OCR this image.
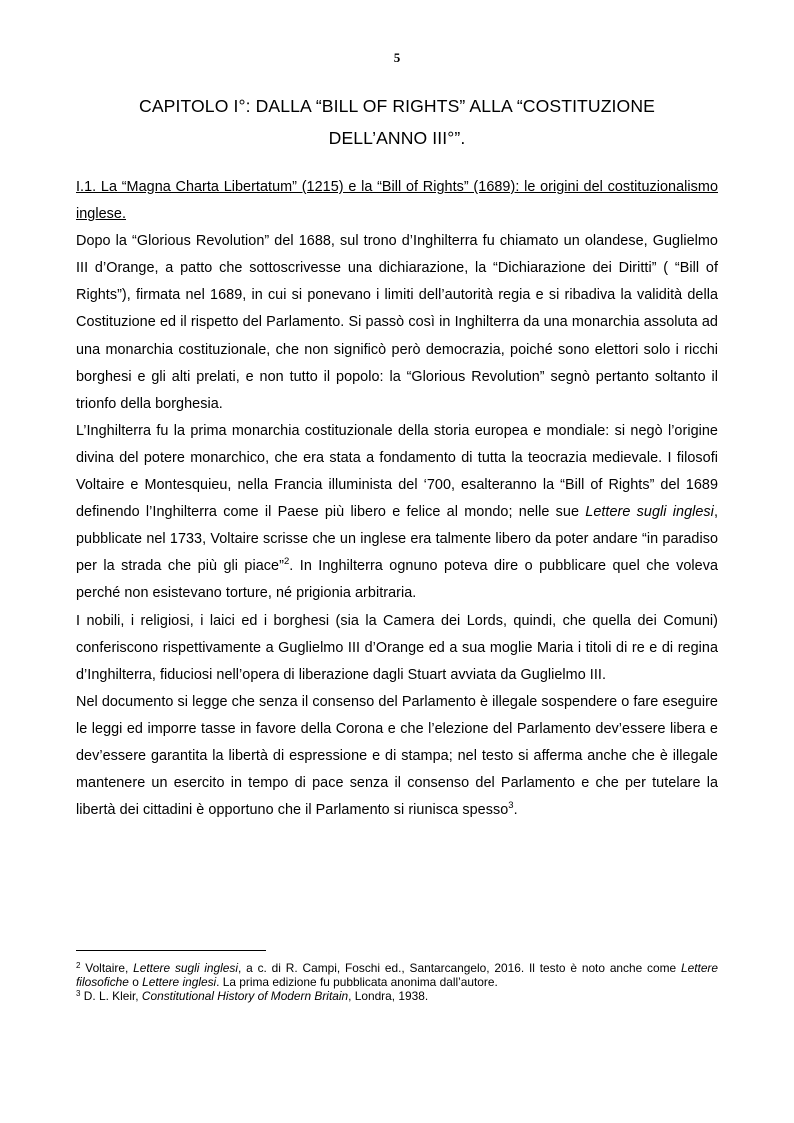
5
CAPITOLO I°: DALLA “BILL OF RIGHTS” ALLA “COSTITUZIONE
DELL’ANNO III°”.

I.1. La “Magna Charta Libertatum” (1215) e la “Bill of Rights” (1689): le origini del costituzionalismo inglese.

Dopo la “Glorious Revolution” del 1688, sul trono d’Inghilterra fu chiamato un olandese, Guglielmo III d’Orange, a patto che sottoscrivesse una dichiarazione, la “Dichiarazione dei Diritti” ( “Bill of Rights”), firmata nel 1689, in cui si ponevano i limiti dell’autorità regia e si ribadiva la validità della Costituzione ed il rispetto del Parlamento. Si passò così in Inghilterra da una monarchia assoluta ad una monarchia costituzionale, che non significò però democrazia, poiché sono elettori solo i ricchi borghesi e gli alti prelati, e non tutto il popolo: la “Glorious Revolution” segnò pertanto soltanto il trionfo della borghesia.

L’Inghilterra fu la prima monarchia costituzionale della storia europea e mondiale: si negò l’origine divina del potere monarchico, che era stata a fondamento di tutta la teocrazia medievale. I filosofi Voltaire e Montesquieu, nella Francia illuminista del ‘700, esalteranno la “Bill of Rights” del 1689 definendo l’Inghilterra come il Paese più libero e felice al mondo; nelle sue Lettere sugli inglesi, pubblicate nel 1733, Voltaire scrisse che un inglese era talmente libero da poter andare “in paradiso per la strada che più gli piace”$^2$. In Inghilterra ognuno poteva dire o pubblicare quel che voleva perché non esistevano torture, né prigionia arbitraria.

I nobili, i religiosi, i laici ed i borghesi (sia la Camera dei Lords, quindi, che quella dei Comuni) conferiscono rispettivamente a Guglielmo III d’Orange ed a sua moglie Maria i titoli di re e di regina d’Inghilterra, fiduciosi nell’opera di liberazione dagli Stuart avviata da Guglielmo III.

Nel documento si legge che senza il consenso del Parlamento è illegale sospendere o fare eseguire le leggi ed imporre tasse in favore della Corona e che l’elezione del Parlamento dev’essere libera e dev’essere garantita la libertà di espressione e di stampa; nel testo si afferma anche che è illegale mantenere un esercito in tempo di pace senza il consenso del Parlamento e che per tutelare la libertà dei cittadini è opportuno che il Parlamento si riunisca spesso$^3$.

$^2$ Voltaire, Lettere sugli inglesi, a c. di R. Campi, Foschi ed., Santarcangelo, 2016. Il testo è noto anche come Lettere filosofiche o Lettere inglesi. La prima edizione fu pubblicata anonima dall’autore.

$^3$ D. L. Kleir, Constitutional History of Modern Britain, Londra, 1938.
